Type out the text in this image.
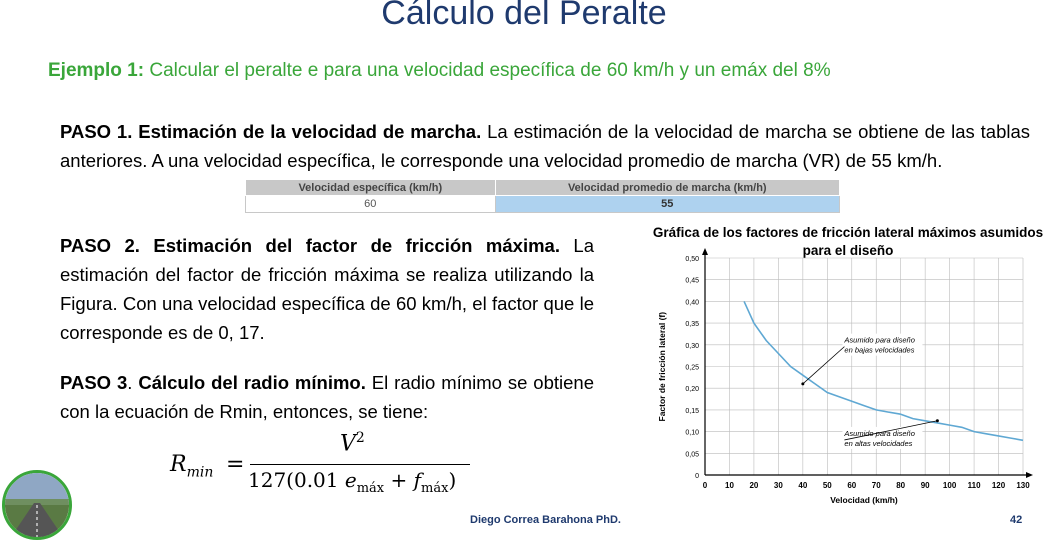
Cálculo del Peralte
Ejemplo 1: Calcular el peralte e para una velocidad específica de 60 km/h y un emáx del 8%
PASO 1. Estimación de la velocidad de marcha. La estimación de la velocidad de marcha se obtiene de las tablas anteriores. A una velocidad específica, le corresponde una velocidad promedio de marcha (VR) de 55 km/h.
Velocidad específica (km/h)	Velocidad promedio de marcha (km/h)
60	55
PASO 2. Estimación del factor de fricción máxima. La estimación del factor de fricción máxima se realiza utilizando la Figura. Con una velocidad específica de 60 km/h, el factor que le corresponde es de 0, 17.
PASO 3. Cálculo del radio mínimo. El radio mínimo se obtiene con la ecuación de Rmin, entonces, se tiene:
$R_{min}$ =
$V^2$
127(0.01 $e_{máx} + f_{máx}$)
Gráfica de los factores de fricción lateral máximos asumidos para el diseño
0 10 20 30 40 50 60 70 80 90 100 110 120 130
0
0,05
0,10
0,15
0,20
0,25
0,30
0,35
0,40
0,45
0,50
Factor de fricción lateral (f)
Velocidad (km/h)
Asumido para diseño
en bajas velocidades
Asumido para diseño
en altas velocidades
Diego Correa Barahona PhD.	42
